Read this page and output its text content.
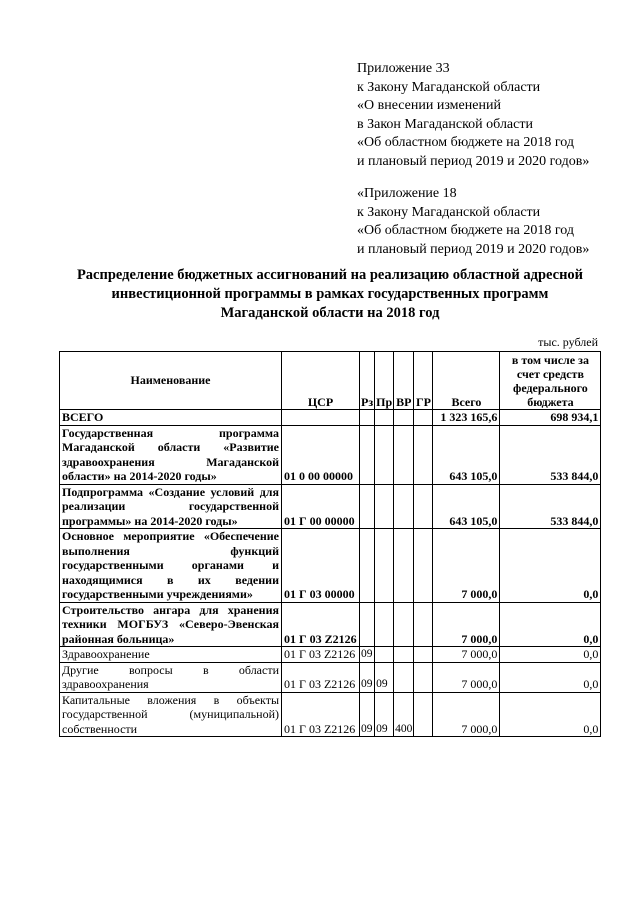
Приложение 33
к Закону Магаданской области
«О внесении изменений
в Закон Магаданской области
«Об областном бюджете на 2018 год
и плановый период 2019 и 2020 годов»
«Приложение 18
к Закону Магаданской области
«Об областном бюджете на 2018 год
и плановый период 2019 и 2020 годов»
Распределение бюджетных ассигнований на реализацию областной адресной
инвестиционной программы в рамках государственных программ
Магаданской области на 2018 год
тыс. рублей
Наименование	ЦСР	Рз	Пр	ВР	ГР	Всего	в том числе за счет средств федерального бюджета
ВСЕГО						1 323 165,6	698 934,1
Государственная программа Магаданской области «Развитие здравоохранения Магаданской области» на 2014-2020 годы»	01 0 00 00000					643 105,0	533 844,0
Подпрограмма «Создание условий для реализации государственной программы» на 2014-2020 годы»	01 Г 00 00000					643 105,0	533 844,0
Основное мероприятие «Обеспечение выполнения функций государственными органами и находящимися в их ведении государственными учреждениями»	01 Г 03 00000					7 000,0	0,0
Строительство ангара для хранения техники МОГБУЗ «Северо-Эвенская районная больница»	01 Г 03 Z2126					7 000,0	0,0
Здравоохранение	01 Г 03 Z2126	09				7 000,0	0,0
Другие вопросы в области здравоохранения	01 Г 03 Z2126	09	09			7 000,0	0,0
Капитальные вложения в объекты государственной (муниципальной) собственности	01 Г 03 Z2126	09	09	400		7 000,0	0,0
